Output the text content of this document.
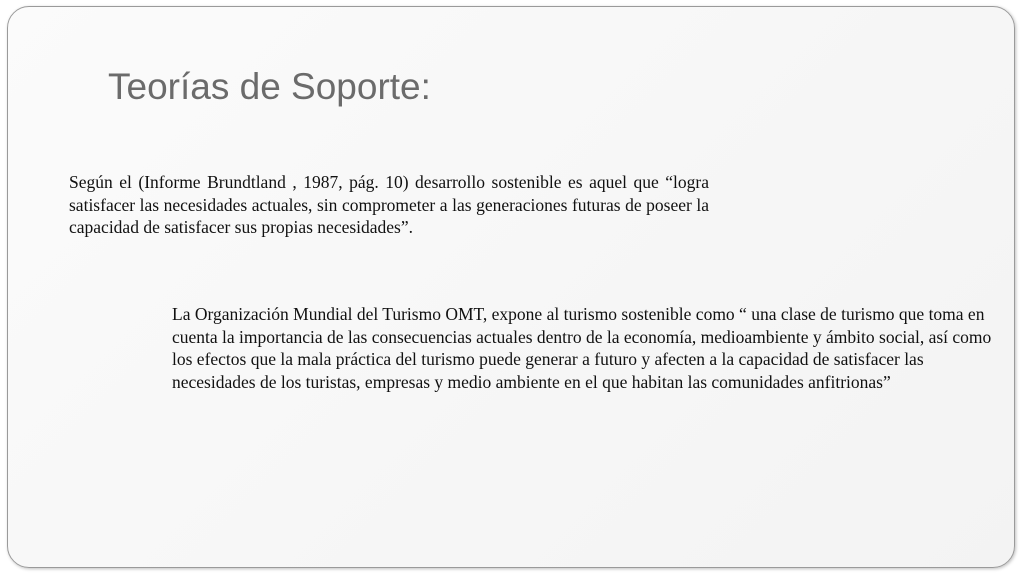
Teorías de Soporte:

Según el (Informe Brundtland , 1987, pág. 10) desarrollo sostenible es aquel que “logra satisfacer las necesidades actuales, sin comprometer a las generaciones futuras de poseer la capacidad de satisfacer sus propias necesidades”.

La Organización Mundial del Turismo OMT, expone al turismo sostenible como “ una clase de turismo que toma en cuenta la importancia de las consecuencias actuales dentro de la economía, medioambiente y ámbito social, así como los efectos que la mala práctica del turismo puede generar a futuro y afecten a la capacidad de satisfacer las necesidades de los turistas, empresas y medio ambiente en el que habitan las comunidades anfitrionas”
